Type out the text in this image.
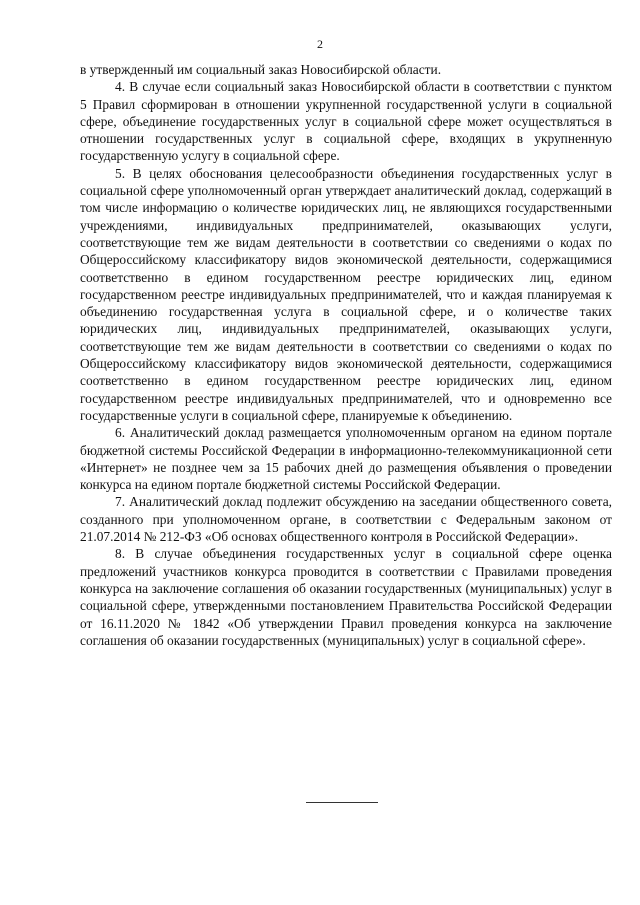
2

в утвержденный им социальный заказ Новосибирской области.

4. В случае если социальный заказ Новосибирской области в соответствии с пунктом 5 Правил сформирован в отношении укрупненной государственной услуги в социальной сфере, объединение государственных услуг в социальной сфере может осуществляться в отношении государственных услуг в социальной сфере, входящих в укрупненную государственную услугу в социальной сфере.

5. В целях обоснования целесообразности объединения государственных услуг в социальной сфере уполномоченный орган утверждает аналитический доклад, содержащий в том числе информацию о количестве юридических лиц, не являющихся государственными учреждениями, индивидуальных предпринимателей, оказывающих услуги, соответствующие тем же видам деятельности в соответствии со сведениями о кодах по Общероссийскому классификатору видов экономической деятельности, содержащимися соответственно в едином государственном реестре юридических лиц, едином государственном реестре индивидуальных предпринимателей, что и каждая планируемая к объединению государственная услуга в социальной сфере, и о количестве таких юридических лиц, индивидуальных предпринимателей, оказывающих услуги, соответствующие тем же видам деятельности в соответствии со сведениями о кодах по Общероссийскому классификатору видов экономической деятельности, содержащимися соответственно в едином государственном реестре юридических лиц, едином государственном реестре индивидуальных предпринимателей, что и одновременно все государственные услуги в социальной сфере, планируемые к объединению.

6. Аналитический доклад размещается уполномоченным органом на едином портале бюджетной системы Российской Федерации в информационно-телекоммуникационной сети «Интернет» не позднее чем за 15 рабочих дней до размещения объявления о проведении конкурса на едином портале бюджетной системы Российской Федерации.

7. Аналитический доклад подлежит обсуждению на заседании общественного совета, созданного при уполномоченном органе, в соответствии с Федеральным законом от 21.07.2014 № 212-ФЗ «Об основах общественного контроля в Российской Федерации».

8. В случае объединения государственных услуг в социальной сфере оценка предложений участников конкурса проводится в соответствии с Правилами проведения конкурса на заключение соглашения об оказании государственных (муниципальных) услуг в социальной сфере, утвержденными постановлением Правительства Российской Федерации от 16.11.2020 № 1842 «Об утверждении Правил проведения конкурса на заключение соглашения об оказании государственных (муниципальных) услуг в социальной сфере».
